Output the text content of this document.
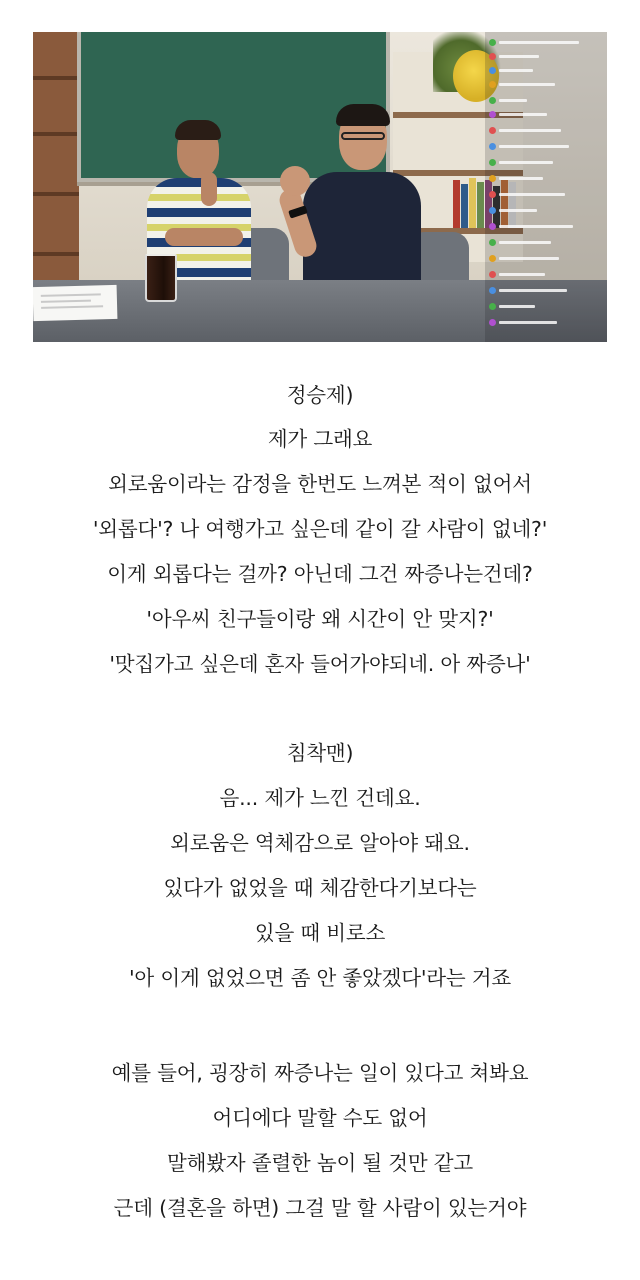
정승제)
제가 그래요
외로움이라는 감정을 한번도 느껴본 적이 없어서
'외롭다'? 나 여행가고 싶은데 같이 갈 사람이 없네?'
이게 외롭다는 걸까? 아닌데 그건 짜증나는건데?
'아우씨 친구들이랑 왜 시간이 안 맞지?'
'맛집가고 싶은데 혼자 들어가야되네. 아 짜증나'
침착맨)
음... 제가 느낀 건데요.
외로움은 역체감으로 알아야 돼요.
있다가 없었을 때 체감한다기보다는
있을 때 비로소
'아 이게 없었으면 좀 안 좋았겠다'라는 거죠
예를 들어, 굉장히 짜증나는 일이 있다고 쳐봐요
어디에다 말할 수도 없어
말해봤자 졸렬한 놈이 될 것만 같고
근데 (결혼을 하면) 그걸 말 할 사람이 있는거야
